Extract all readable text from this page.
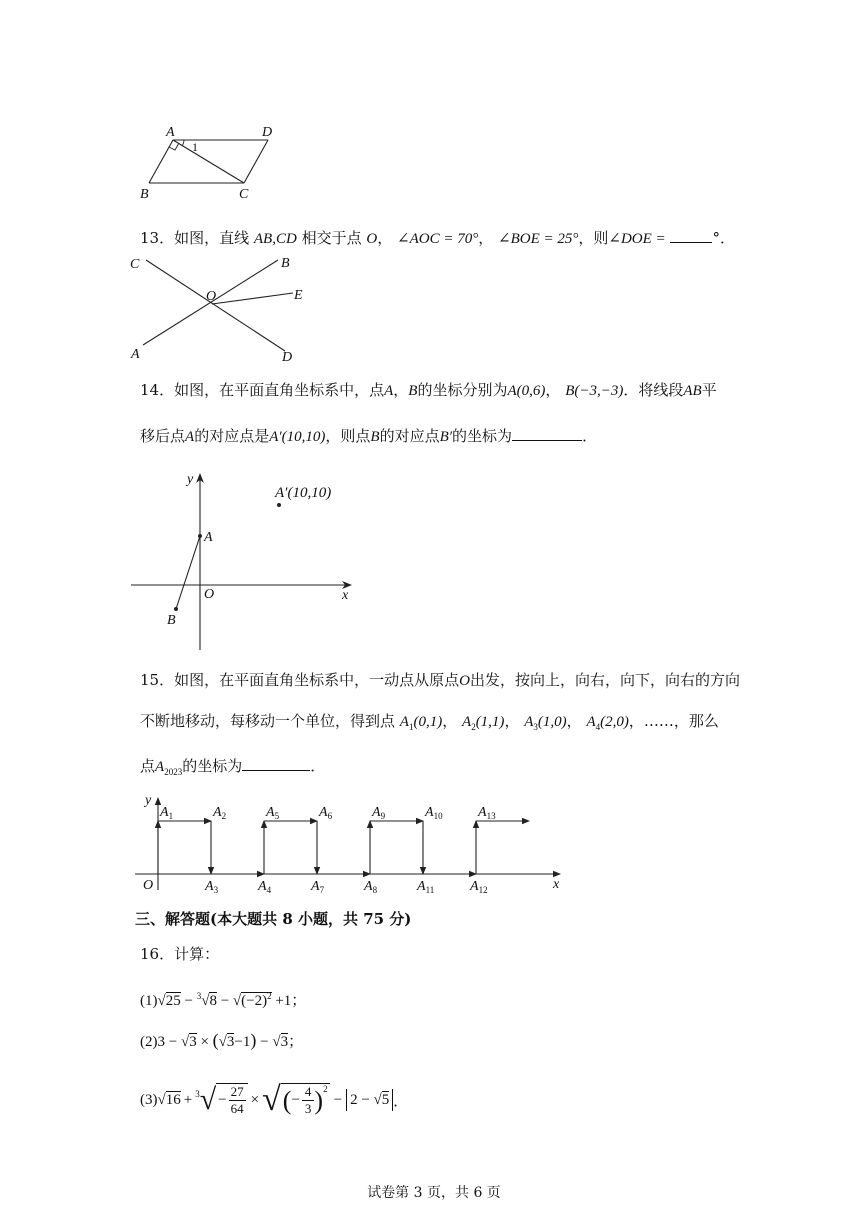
A	D
B	C
1
13．如图，直线 AB,CD 相交于点 O， ∠AOC = 70°， ∠BOE = 25°，则∠DOE =	°．
C	B
O	E
A	D
14．如图，在平面直角坐标系中，点A，B的坐标分别为A(0,6)， B(−3,−3)．将线段AB平
移后点A的对应点是A′(10,10)，则点B的对应点B′的坐标为	．
y
x
O
A
B
A′(10,10)
15．如图，在平面直角坐标系中，一动点从原点O出发，按向上，向右，向下，向右的方向
不断地移动，每移动一个单位，得到点 $A_1(0,1)$， $A_2(1,1)$， $A_3(1,0)$， $A_4(2,0)$，……，那么
点$A_{2023}$的坐标为	．
y
x
O
$A_1$	$A_2$	$A_5$	$A_6$	$A_9$	$A_{10}$	$A_{13}$
$A_3$	$A_4$	$A_7$	$A_8$	$A_{11}$	$A_{12}$
三、解答题(本大题共 8 小题，共 75 分)
16．计算：
$(1)√25 - ^3√8 - √(-2)^2 +1$；
(2)3 − √3 × (√3−1) − √3；
(3) √16 + 3 √ − $\frac{27}{64}$ × √ ( − $\frac{4}{3} )^2$
− 2 − √5 ．
试卷第 3 页，共 6 页
